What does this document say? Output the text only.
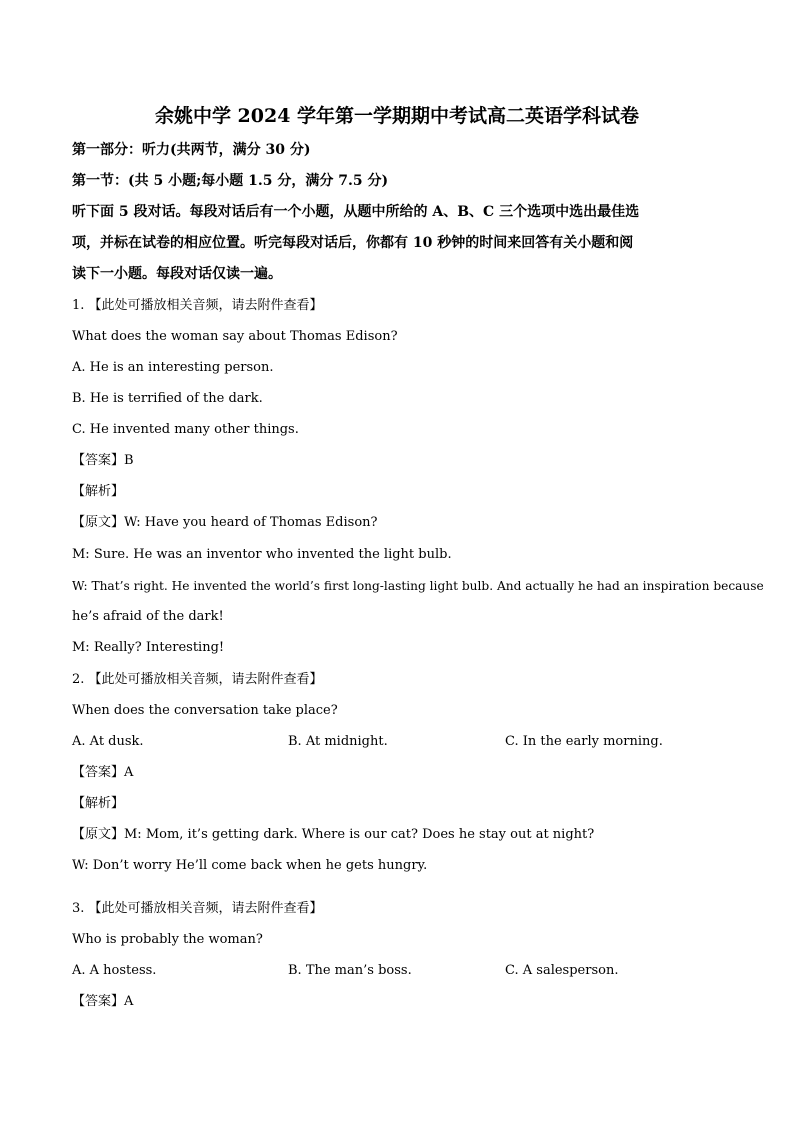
余姚中学 2024 学年第一学期期中考试高二英语学科试卷
第一部分：听力(共两节，满分 30 分)
第一节：(共 5 小题;每小题 1.5 分，满分 7.5 分)
听下面 5 段对话。每段对话后有一个小题，从题中所给的 A、B、C 三个选项中选出最佳选
项，并标在试卷的相应位置。听完每段对话后，你都有 10 秒钟的时间来回答有关小题和阅
读下一小题。每段对话仅读一遍。
1. 【此处可播放相关音频，请去附件查看】
What does the woman say about Thomas Edison?
A. He is an interesting person.
B. He is terrified of the dark.
C. He invented many other things.
【答案】B
【解析】
【原文】W: Have you heard of Thomas Edison?
M: Sure. He was an inventor who invented the light bulb.
W: That’s right. He invented the world’s first long-lasting light bulb. And actually he had an inspiration because
he’s afraid of the dark!
M: Really? Interesting!
2. 【此处可播放相关音频，请去附件查看】
When does the conversation take place?
A. At dusk.	B. At midnight.	C. In the early morning.
【答案】A
【解析】
【原文】M: Mom, it’s getting dark. Where is our cat? Does he stay out at night?
W: Don’t worry He’ll come back when he gets hungry.
3. 【此处可播放相关音频，请去附件查看】
Who is probably the woman?
A. A hostess.	B. The man’s boss.	C. A salesperson.
【答案】A
